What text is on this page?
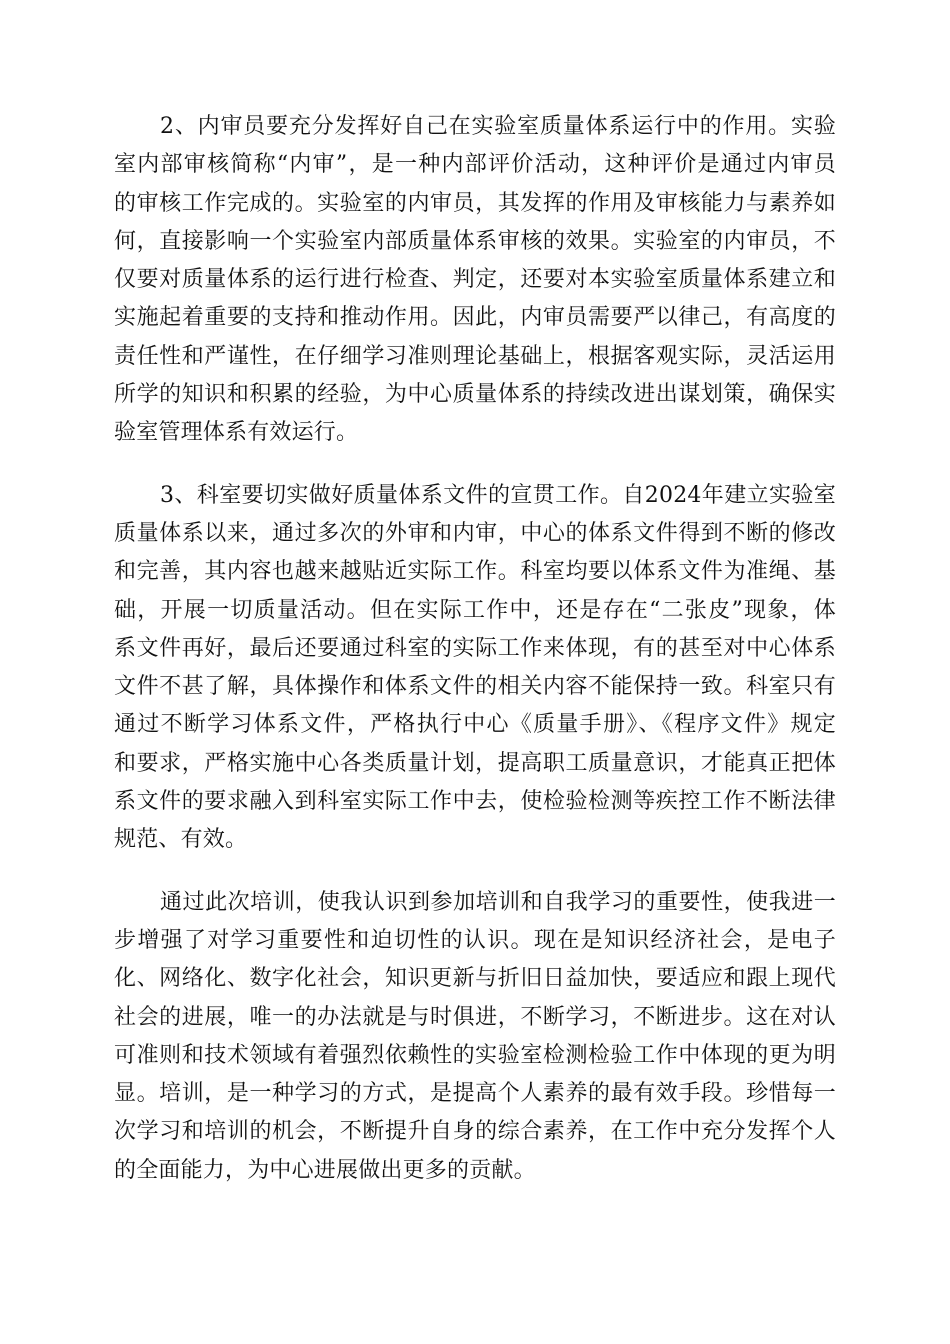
2、内审员要充分发挥好自己在实验室质量体系运行中的作用。实验
室内部审核简称“内审”，是一种内部评价活动，这种评价是通过内审员
的审核工作完成的。实验室的内审员，其发挥的作用及审核能力与素养如
何，直接影响一个实验室内部质量体系审核的效果。实验室的内审员，不
仅要对质量体系的运行进行检查、判定，还要对本实验室质量体系建立和
实施起着重要的支持和推动作用。因此，内审员需要严以律己，有高度的
责任性和严谨性，在仔细学习准则理论基础上，根据客观实际，灵活运用
所学的知识和积累的经验，为中心质量体系的持续改进出谋划策，确保实
验室管理体系有效运行。

3、科室要切实做好质量体系文件的宣贯工作。自2024年建立实验室
质量体系以来，通过多次的外审和内审，中心的体系文件得到不断的修改
和完善，其内容也越来越贴近实际工作。科室均要以体系文件为准绳、基
础，开展一切质量活动。但在实际工作中，还是存在“二张皮”现象，体
系文件再好，最后还要通过科室的实际工作来体现，有的甚至对中心体系
文件不甚了解，具体操作和体系文件的相关内容不能保持一致。科室只有
通过不断学习体系文件，严格执行中心《质量手册》、《程序文件》规定
和要求，严格实施中心各类质量计划，提高职工质量意识，才能真正把体
系文件的要求融入到科室实际工作中去，使检验检测等疾控工作不断法律
规范、有效。

通过此次培训，使我认识到参加培训和自我学习的重要性，使我进一
步增强了对学习重要性和迫切性的认识。现在是知识经济社会，是电子
化、网络化、数字化社会，知识更新与折旧日益加快，要适应和跟上现代
社会的进展，唯一的办法就是与时俱进，不断学习，不断进步。这在对认
可准则和技术领域有着强烈依赖性的实验室检测检验工作中体现的更为明
显。培训，是一种学习的方式，是提高个人素养的最有效手段。珍惜每一
次学习和培训的机会，不断提升自身的综合素养，在工作中充分发挥个人
的全面能力，为中心进展做出更多的贡献。
